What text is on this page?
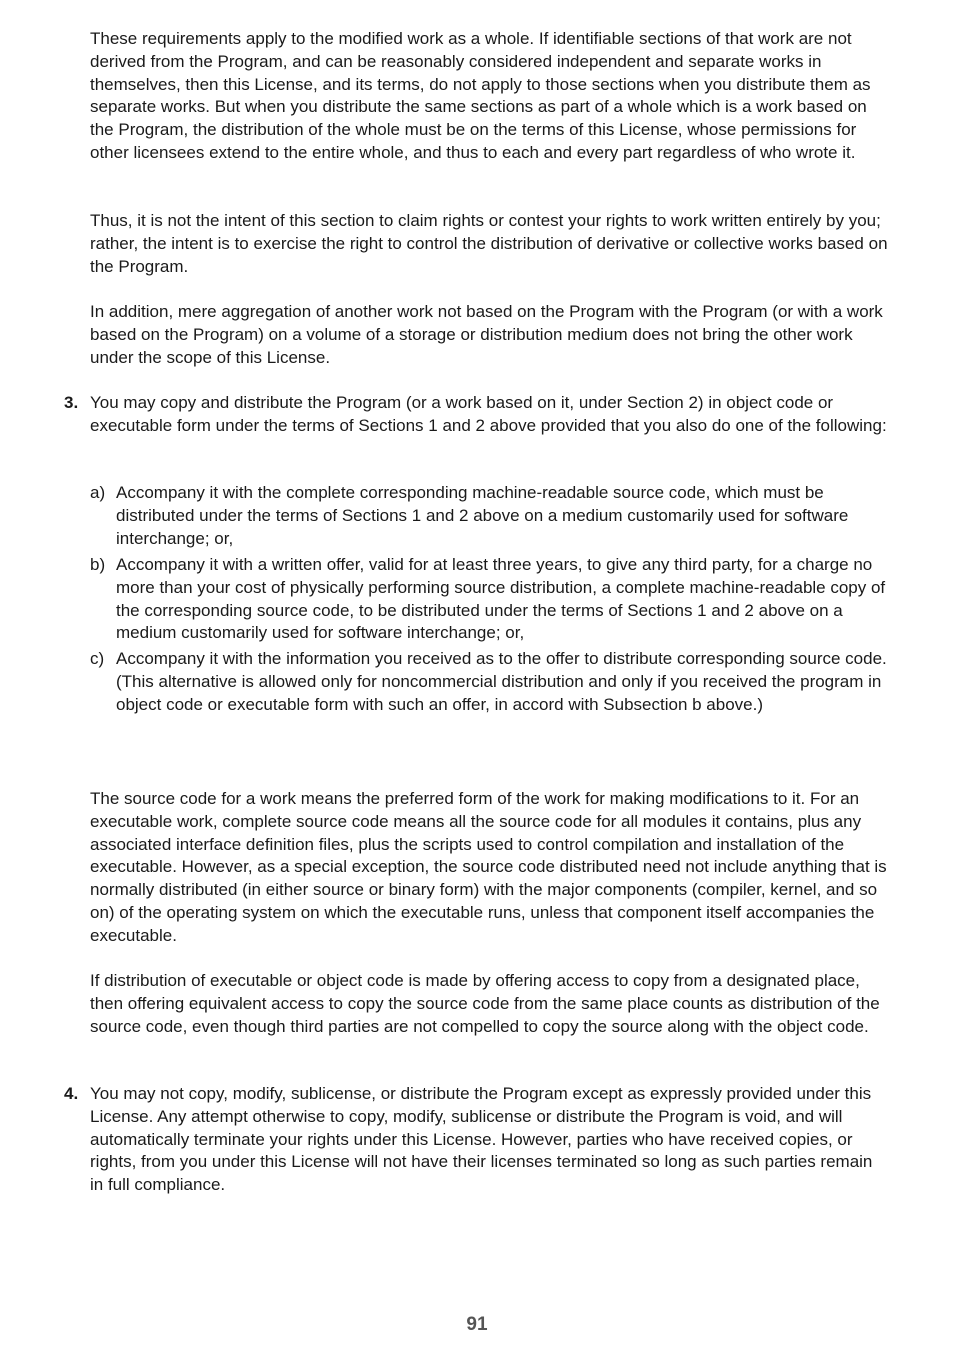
These requirements apply to the modified work as a whole. If identifiable sections of that work are not derived from the Program, and can be reasonably considered independent and separate works in themselves, then this License, and its terms, do not apply to those sections when you distribute them as separate works. But when you distribute the same sections as part of a whole which is a work based on the Program, the distribution of the whole must be on the terms of this License, whose permissions for other licensees extend to the entire whole, and thus to each and every part regardless of who wrote it.

Thus, it is not the intent of this section to claim rights or contest your rights to work written entirely by you; rather, the intent is to exercise the right to control the distribution of derivative or collective works based on the Program.

In addition, mere aggregation of another work not based on the Program with the Program (or with a work based on the Program) on a volume of a storage or distribution medium does not bring the other work under the scope of this License.

3. You may copy and distribute the Program (or a work based on it, under Section 2) in object code or executable form under the terms of Sections 1 and 2 above provided that you also do one of the following:

a) Accompany it with the complete corresponding machine-readable source code, which must be distributed under the terms of Sections 1 and 2 above on a medium customarily used for software interchange; or,

b) Accompany it with a written offer, valid for at least three years, to give any third party, for a charge no more than your cost of physically performing source distribution, a complete machine-readable copy of the corresponding source code, to be distributed under the terms of Sections 1 and 2 above on a medium customarily used for software interchange; or,

c) Accompany it with the information you received as to the offer to distribute corresponding source code. (This alternative is allowed only for noncommercial distribution and only if you received the program in object code or executable form with such an offer, in accord with Subsection b above.)

The source code for a work means the preferred form of the work for making modifications to it. For an executable work, complete source code means all the source code for all modules it contains, plus any associated interface definition files, plus the scripts used to control compilation and installation of the executable. However, as a special exception, the source code distributed need not include anything that is normally distributed (in either source or binary form) with the major components (compiler, kernel, and so on) of the operating system on which the executable runs, unless that component itself accompanies the executable.

If distribution of executable or object code is made by offering access to copy from a designated place, then offering equivalent access to copy the source code from the same place counts as distribution of the source code, even though third parties are not compelled to copy the source along with the object code.

4. You may not copy, modify, sublicense, or distribute the Program except as expressly provided under this License. Any attempt otherwise to copy, modify, sublicense or distribute the Program is void, and will automatically terminate your rights under this License. However, parties who have received copies, or rights, from you under this License will not have their licenses terminated so long as such parties remain in full compliance.

91
